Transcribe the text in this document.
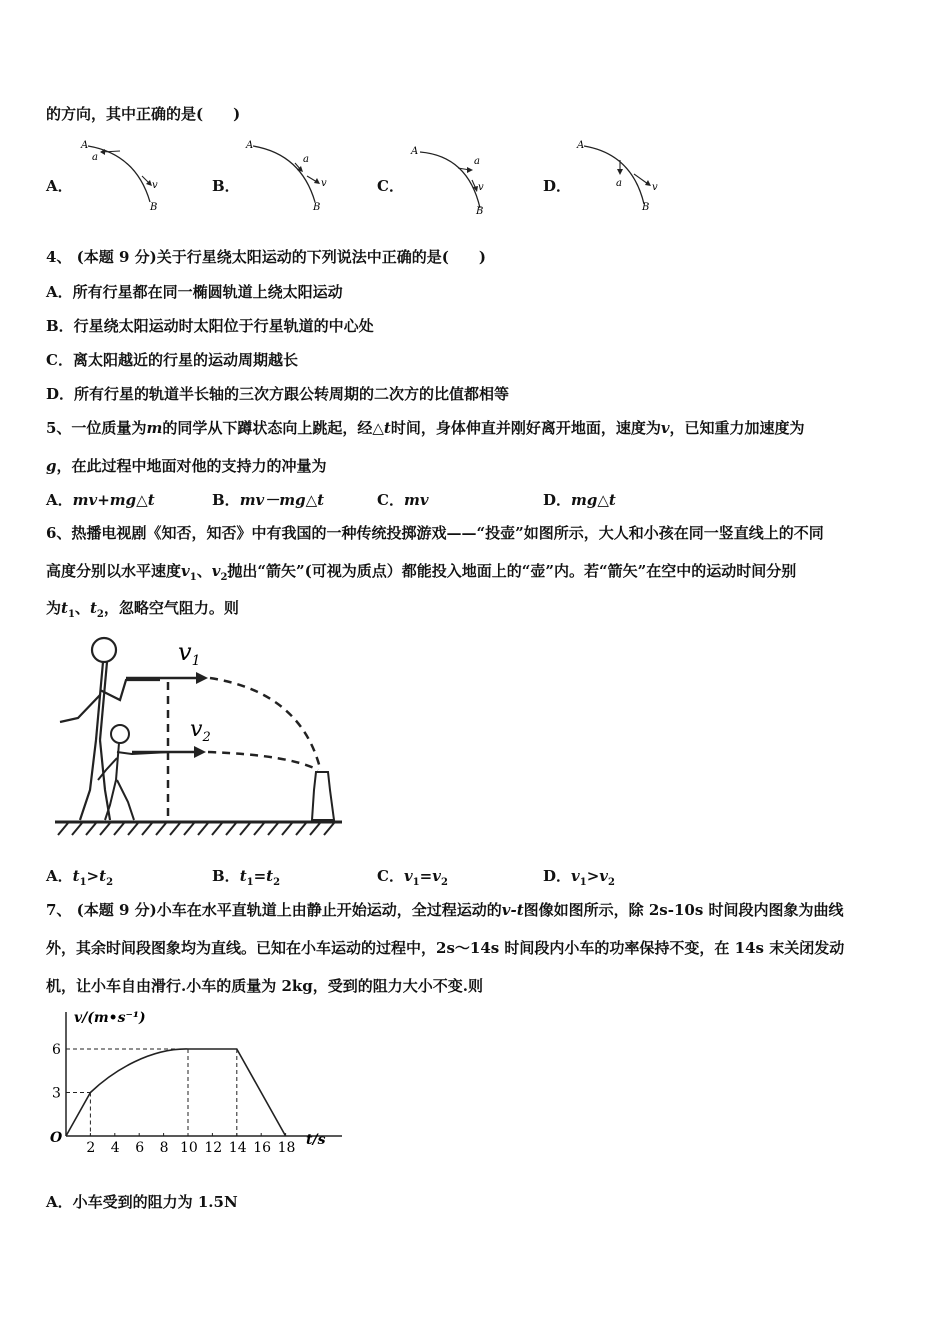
的方向，其中正确的是(　　)
A．
A
a
v
B
B．
A
a
v
B
C．
A
a
v
B
D．
A
a	v
B
4、 (本题 9 分)关于行星绕太阳运动的下列说法中正确的是(　　)
A．所有行星都在同一椭圆轨道上绕太阳运动
B．行星绕太阳运动时太阳位于行星轨道的中心处
C．离太阳越近的行星的运动周期越长
D．所有行星的轨道半长轴的三次方跟公转周期的二次方的比值都相等
5、一位质量为m的同学从下蹲状态向上跳起，经△t时间，身体伸直并刚好离开地面，速度为v，已知重力加速度为
g，在此过程中地面对他的支持力的冲量为
A．mv+mg△t	B．mv－mg△t	C．mv	D．mg△t
6、热播电视剧《知否，知否》中有我国的一种传统投掷游戏——“投壶”如图所示，大人和小孩在同一竖直线上的不同
高度分别以水平速度$v_1$、$v_2$抛出“箭矢”(可视为质点）都能投入地面上的“壶”内。若“箭矢”在空中的运动时间分别
为$t_1$、$t_2$，忽略空气阻力。则
$v_1$
$v_2$
A．$t_1>t_2$	B．$t_1=t_2$	C．$v_1=v_2$	D．$v_1>v_2$
7、 (本题 9 分)小车在水平直轨道上由静止开始运动，全过程运动的v-t图像如图所示，除 2s-10s 时间段内图象为曲线
外，其余时间段图象均为直线。已知在小车运动的过程中，2s～14s 时间段内小车的功率保持不变，在 14s 末关闭发动
机，让小车自由滑行.小车的质量为 2kg，受到的阻力大小不变.则
v/(m•s⁻¹)
t/s
O
2 4 6 8 10 12 14 16 18
3
6
A．小车受到的阻力为 1.5N
